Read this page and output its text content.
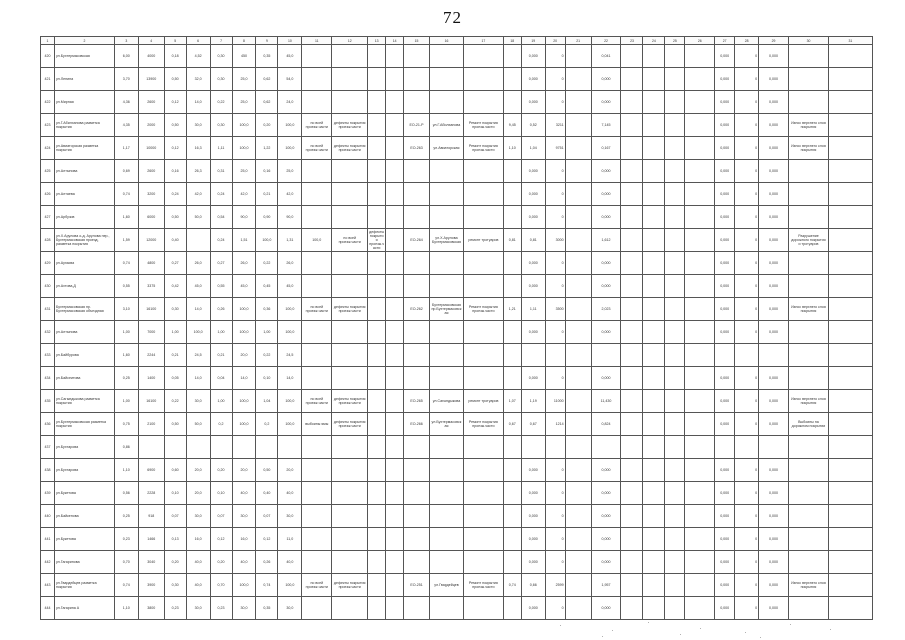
72
1	2	3	4	5	6	7	8	9	10	11	12	13	14	15	16	17	18	19	20	21	22	23	24	25	26	27	28	29	30	31
420	ул.Бухтермасовская	6,00	4000	0,18	4,52	0,30	450	0,35	45,0									0,000	0		0,041					0,000	0	0,000		
421	ул.Ленина	3,70	13900	0,50	32,0	0,30	25,0	0,62	54,0									0,000	0		0,000					0,000	0	0,000		
422	ул.Мирная	4,36	2600	0,12	14,0	0,22	25,0	0,62	24,0									0,000	0		0,000					0,000	0	0,000		
423	ул.Г.Абилханова разметка покрытия	4,35	2000	0,50	30,0	0,30	100,0	0,20	100,0	по всей проезж.части	дефекты покрытия проезж.части			ЕО-21-Р	ул.Г.Абилханова	Ремонт покрытия проезж.части	9,45	0,52	3211		7,145					0,000	0	0,000	Износ верхнего слоя покрытия	
424	ул.Авиаторская разметка покрытия	1,17	10000	0,12	16,3	1,11	100,0	1,22	100,0	по всей проезж.части	дефекты покрытия проезж.части			ЕО-263	ул.Авиаторская	Ремонт покрытия проезж.части	1,10	1,04	9751		0,167					0,000	0	0,000	Износ верхнего слоя покрытия	
425	ул.Алтынова	0,69	2600	0,16	26,3	0,31	25,0	0,16	25,0									0,000	0		0,000					0,000	0	0,000		
426	ул.Алтаева	0,74	3200	0,24	42,0	0,24	42,0	0,21	42,0									0,000	0		0,000					0,000	0	0,000		
427	ул.Арбузов	1,60	6000	0,50	50,0	0,54	90,0	0,90	90,0									0,000	0		0,000					0,000	0	0,000		
428	ул.Х.Арулова о-д, Арулова пер., Бухтермасовская проезд, разметка покрытия	1,59	12000	0,40		0,24	1,51	100,0	1,31	100,0	по всей проезж.части	дефекты покрытия проезж.части		ЕО-264	ул.Х.Арулова Бухтермасовская	ремонт тротуаров	0,81	0,81	3000		1,612					0,000	0	0,000	Разрушение дорожного покрытия и тротуаров	
429	ул.Ауэзова	0,74	4800	0,27	26,0	0,27	26,0	0,22	26,0									0,000	0		0,000					0,000	0	0,000		
430	ул.Ахтова,Д	0,55	3375	0,42	45,0	0,55	45,0	0,45	45,0									0,000	0		0,000					0,000	0	0,000		
431	Бухтермасовская пр. Бухтермасовская объездная	3,10	16100	0,30	14,0	0,26	100,0	0,36	100,0	по всей проезж.части	дефекты покрытия проезж.части			ЕО-262	Бухтермасовская пр.Бухтермасовская	Ремонт покрытия проезж.части	1,21	1,11	3500		2,023					0,000	0	0,000	Износ верхнего слоя покрытия	
432	ул.Алтынова	1,00	7000	1,00	100,0	1,00	100,0	1,00	100,0									0,000	0		0,000					0,000	0	0,000		
433	ул.Байбурова	1,60	2244	0,21	24,5	0,21	20,0	0,22	24,5																					
434	ул.Байсеитова	0,25	1400	0,05	14,0	0,04	14,0	0,10	14,0									0,000	0		0,000					0,000	0	0,000		
435	ул.Сагындыкова разметка покрытия	1,00	16100	0,22	30,0	1,00	100,0	1,04	100,0	по всей проезж.части	дефекты покрытия проезж.части			ЕО-265	ул.Сагындыкова	ремонт тротуаров	1,07	1,19	11000		11,430					0,000	0	0,000	Износ верхнего слоя покрытия	
436	ул.Бухтермасовская разметка покрытия	0,75	2100	0,50	50,0	0,2	100,0	0,2	100,0	выбоины ямы	дефекты покрытия проезж.части			ЕО-266	ул.Бухтермасовская	Ремонт покрытия проезж.части	0,67	0,67	1214		0,824					0,000	0	0,000	Выбоины на дорожном покрытии	
437	ул.Бухтарова	0,86																												
438	ул.Бухтарова	1,10	6900	0,60	20,0	0,20	20,0	0,50	20,0									0,000	0		0,000					0,000	0	0,000		
439	ул.Букетова	0,56	2228	0,10	20,0	0,10	40,0	0,40	40,0									0,000	0		0,000					0,000	0	0,000		
440	ул.Байкенова	0,25	918	0,07	30,0	0,07	30,0	0,07	30,0									0,000	0		0,000					0,000	0	0,000		
441	ул.Букетова	0,23	1466	0,13	16,0	0,12	16,0	0,12	11,0									0,000	0		0,000					0,000	0	0,000		
442	ул.Гагаринова	0,70	3040	0,20	40,0	0,20	40,0	0,26	40,0									0,000	0		0,000					0,000	0	0,000		
443	ул.Гвардейцев разметка покрытия	0,74	3900	0,30	40,0	0,70	100,0	0,74	100,0	по всей проезж.части	дефекты покрытия проезж.части			ЕО-251	ул.Гвардейцев	Ремонт покрытия проезж.части	0,74	0,66	2599		1,957					0,000	0	0,000	Износ верхнего слоя покрытия	
444	ул.Гагарина А	1,10	3800	0,23	30,0	0,23	30,0	0,35	30,0									0,000	0		0,000					0,000	0	0,000		
